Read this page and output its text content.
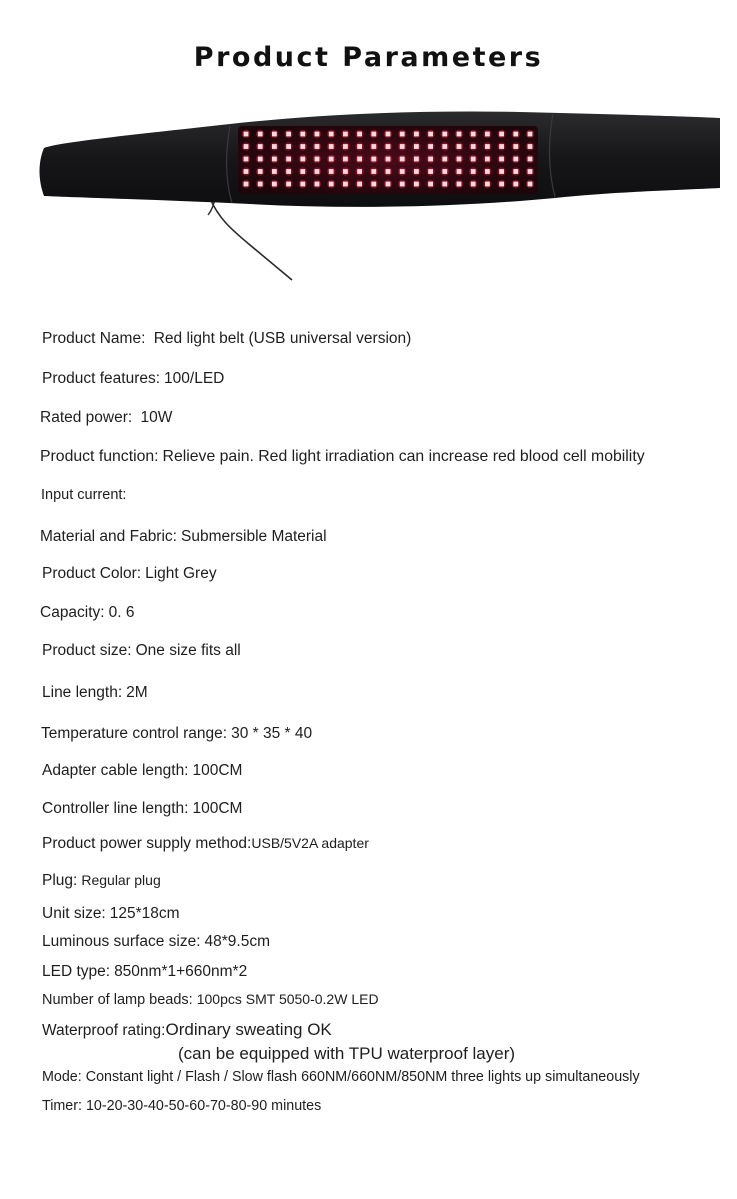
Product Parameters
Product Name: Red light belt (USB universal version)
Product features: 100/LED
Rated power: 10W
Product function: Relieve pain. Red light irradiation can increase red blood cell mobility
Input current:
Material and Fabric: Submersible Material
Product Color: Light Grey
Capacity: 0. 6
Product size: One size fits all
Line length: 2M
Temperature control range: 30 * 35 * 40
Adapter cable length: 100CM
Controller line length: 100CM
Product power supply method:USB/5V2A adapter
Plug: Regular plug
Unit size: 125*18cm
Luminous surface size: 48*9.5cm
LED type: 850nm*1+660nm*2
Number of lamp beads: 100pcs SMT 5050-0.2W LED
Waterproof rating:Ordinary sweating OK
(can be equipped with TPU waterproof layer)
Mode: Constant light / Flash / Slow flash 660NM/660NM/850NM three lights up simultaneously
Timer: 10-20-30-40-50-60-70-80-90 minutes
